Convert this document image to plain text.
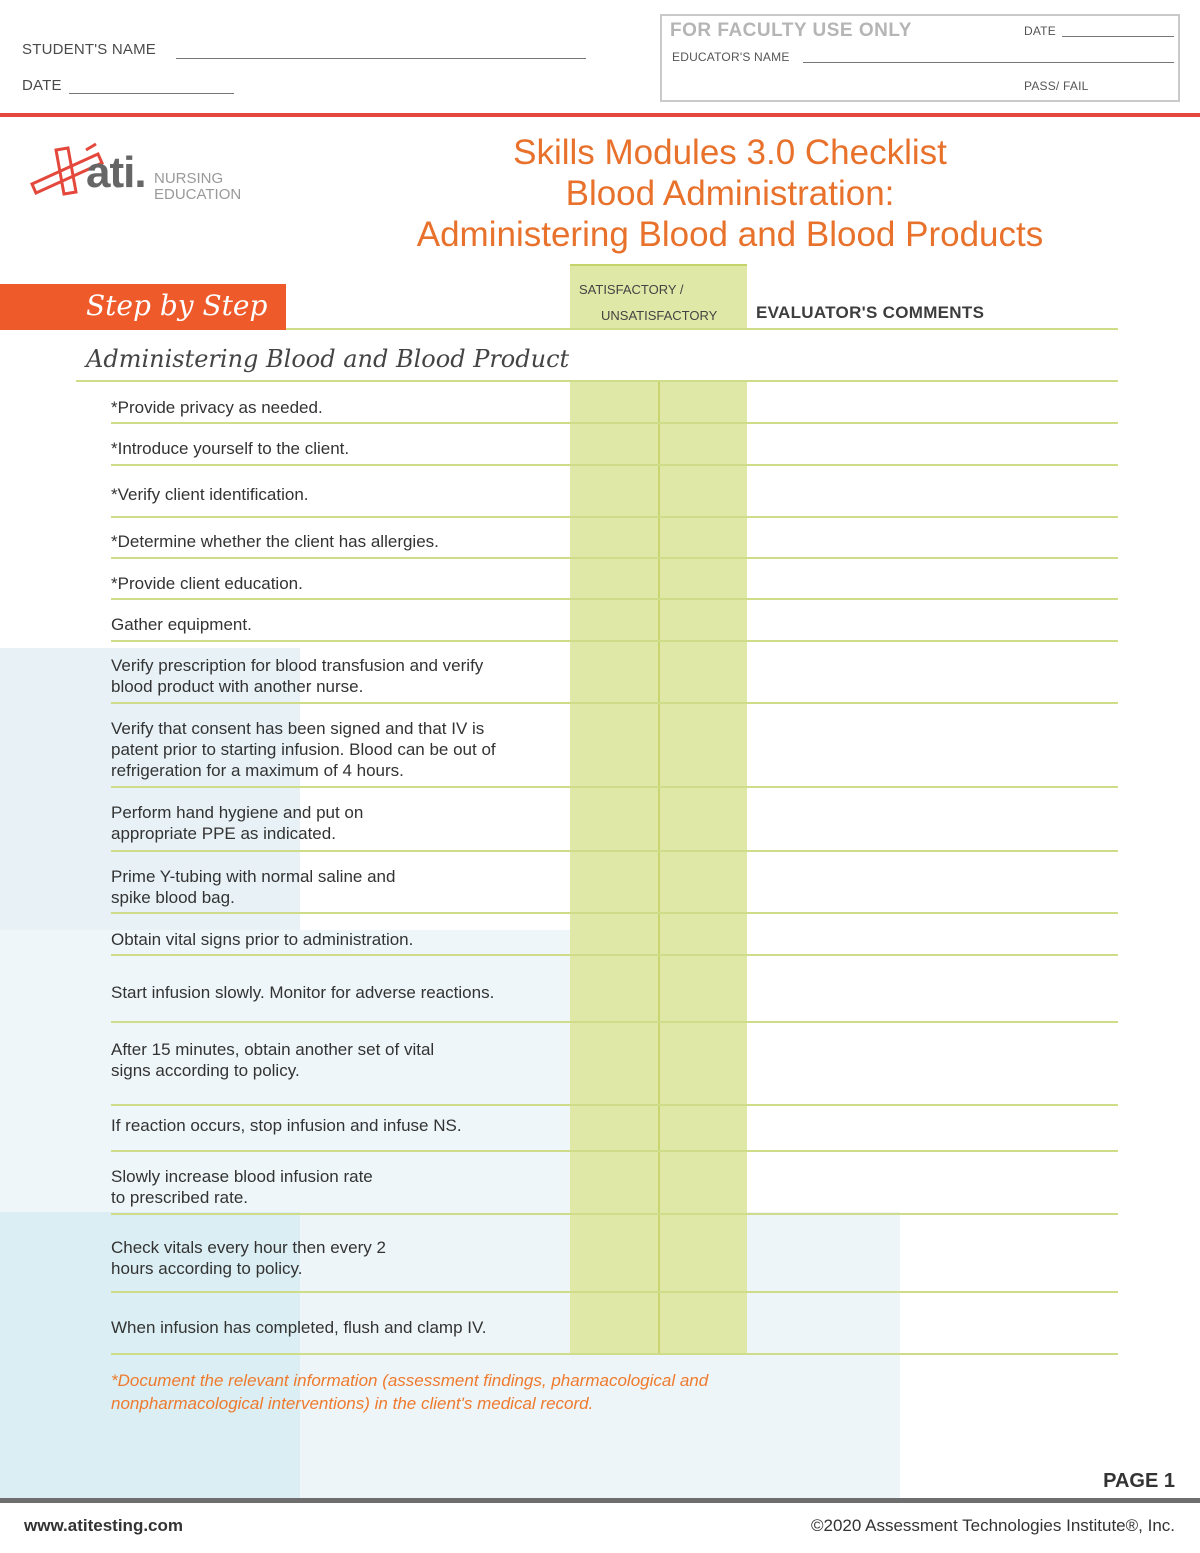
STUDENT'S NAME
DATE
FOR FACULTY USE ONLY	DATE
EDUCATOR'S NAME
PASS/ FAIL
ati. NURSING
EDUCATION
Skills Modules 3.0 Checklist
Blood Administration:
Administering Blood and Blood Products
Step by Step	SATISFACTORY /
UNSATISFACTORY EVALUATOR'S COMMENTS
Administering Blood and Blood Product
*Provide privacy as needed.
*Introduce yourself to the client.
*Verify client identification.
*Determine whether the client has allergies.
*Provide client education.
Gather equipment.
Verify prescription for blood transfusion and verify blood product with another nurse.
Verify that consent has been signed and that IV is patent prior to starting infusion. Blood can be out of refrigeration for a maximum of 4 hours.
Perform hand hygiene and put on appropriate PPE as indicated.
Prime Y-tubing with normal saline and spike blood bag.
Obtain vital signs prior to administration.
Start infusion slowly. Monitor for adverse reactions.
After 15 minutes, obtain another set of vital signs according to policy.
If reaction occurs, stop infusion and infuse NS.
Slowly increase blood infusion rate to prescribed rate.
Check vitals every hour then every 2 hours according to policy.
When infusion has completed, flush and clamp IV.
*Document the relevant information (assessment findings, pharmacological and nonpharmacological interventions) in the client's medical record.
PAGE 1
www.atitesting.com	©2020 Assessment Technologies Institute®, Inc.
